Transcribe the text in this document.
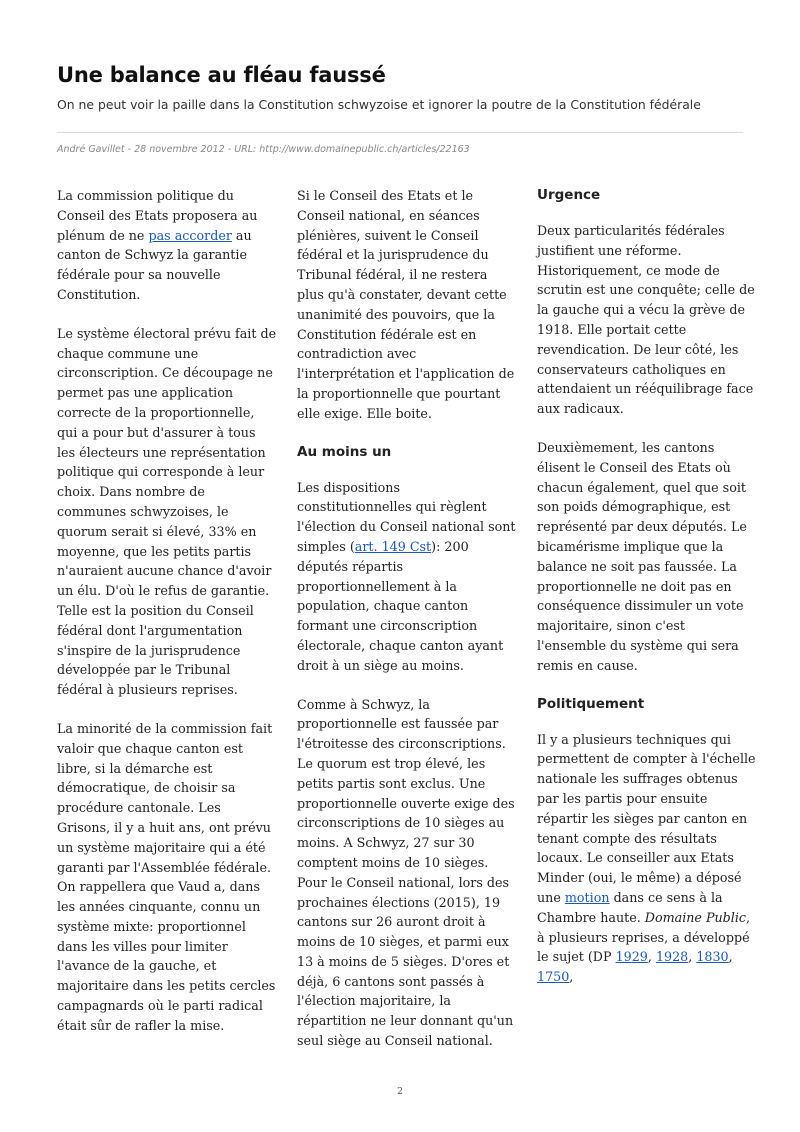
Une balance au fléau faussé
On ne peut voir la paille dans la Constitution schwyzoise et ignorer la poutre de la Constitution fédérale
André Gavillet - 28 novembre 2012 - URL: http://www.domainepublic.ch/articles/22163

La commission politique du Conseil des Etats proposera au plénum de ne pas accorder au canton de Schwyz la garantie fédérale pour sa nouvelle Constitution.

Le système électoral prévu fait de chaque commune une circonscription. Ce découpage ne permet pas une application correcte de la proportionnelle, qui a pour but d'assurer à tous les électeurs une représentation politique qui corresponde à leur choix. Dans nombre de communes schwyzoises, le quorum serait si élevé, 33% en moyenne, que les petits partis n'auraient aucune chance d'avoir un élu. D'où le refus de garantie. Telle est la position du Conseil fédéral dont l'argumentation s'inspire de la jurisprudence développée par le Tribunal fédéral à plusieurs reprises.

La minorité de la commission fait valoir que chaque canton est libre, si la démarche est démocratique, de choisir sa procédure cantonale. Les Grisons, il y a huit ans, ont prévu un système majoritaire qui a été garanti par l'Assemblée fédérale. On rappellera que Vaud a, dans les années cinquante, connu un système mixte: proportionnel dans les villes pour limiter l'avance de la gauche, et majoritaire dans les petits cercles campagnards où le parti radical était sûr de rafler la mise.

Si le Conseil des Etats et le Conseil national, en séances plénières, suivent le Conseil fédéral et la jurisprudence du Tribunal fédéral, il ne restera plus qu'à constater, devant cette unanimité des pouvoirs, que la Constitution fédérale est en contradiction avec l'interprétation et l'application de la proportionnelle que pourtant elle exige. Elle boite.

Au moins un

Les dispositions constitutionnelles qui règlent l'élection du Conseil national sont simples (art. 149 Cst): 200 députés répartis proportionnellement à la population, chaque canton formant une circonscription électorale, chaque canton ayant droit à un siège au moins.

Comme à Schwyz, la proportionnelle est faussée par l'étroitesse des circonscriptions. Le quorum est trop élevé, les petits partis sont exclus. Une proportionnelle ouverte exige des circonscriptions de 10 sièges au moins. A Schwyz, 27 sur 30 comptent moins de 10 sièges. Pour le Conseil national, lors des prochaines élections (2015), 19 cantons sur 26 auront droit à moins de 10 sièges, et parmi eux 13 à moins de 5 sièges. D'ores et déjà, 6 cantons sont passés à l'élection majoritaire, la répartition ne leur donnant qu'un seul siège au Conseil national.

Urgence

Deux particularités fédérales justifient une réforme. Historiquement, ce mode de scrutin est une conquête; celle de la gauche qui a vécu la grève de 1918. Elle portait cette revendication. De leur côté, les conservateurs catholiques en attendaient un rééquilibrage face aux radicaux.

Deuxièmement, les cantons élisent le Conseil des Etats où chacun également, quel que soit son poids démographique, est représenté par deux députés. Le bicamérisme implique que la balance ne soit pas faussée. La proportionnelle ne doit pas en conséquence dissimuler un vote majoritaire, sinon c'est l'ensemble du système qui sera remis en cause.

Politiquement

Il y a plusieurs techniques qui permettent de compter à l'échelle nationale les suffrages obtenus par les partis pour ensuite répartir les sièges par canton en tenant compte des résultats locaux. Le conseiller aux Etats Minder (oui, le même) a déposé une motion dans ce sens à la Chambre haute. Domaine Public, à plusieurs reprises, a développé le sujet (DP 1929, 1928, 1830, 1750,

2
